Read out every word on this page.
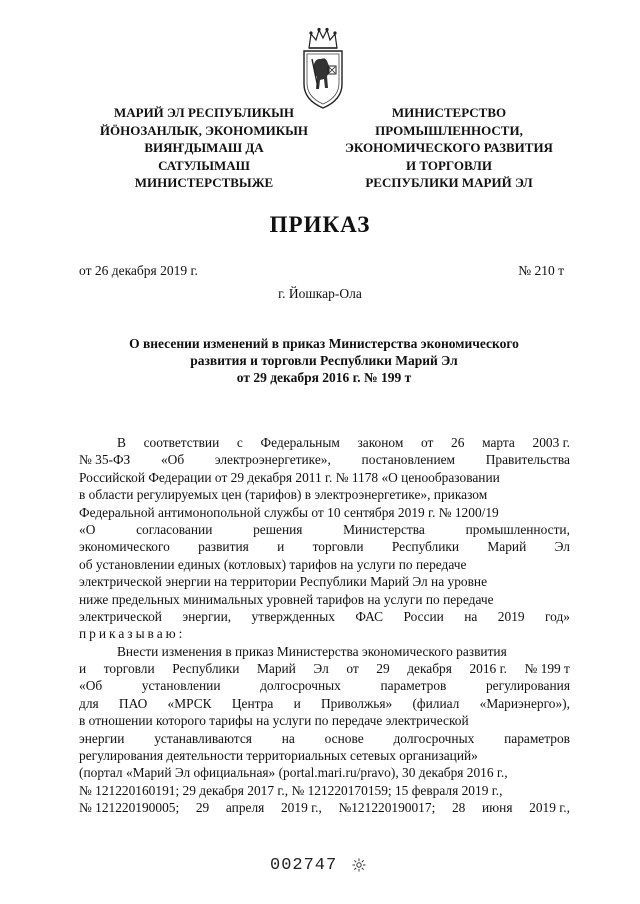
МАРИЙ ЭЛ РЕСПУБЛИКЫН
ЙӦНОЗАНЛЫК, ЭКОНОМИКЫН
ВИЯҤДЫМАШ ДА
САТУЛЫМАШ
МИНИСТЕРСТВЫЖЕ
МИНИСТЕРСТВО
ПРОМЫШЛЕННОСТИ,
ЭКОНОМИЧЕСКОГО РАЗВИТИЯ
И ТОРГОВЛИ
РЕСПУБЛИКИ МАРИЙ ЭЛ
ПРИКАЗ
от 26 декабря 2019 г.	№ 210 т
г. Йошкар-Ола
О внесении изменений в приказ Министерства экономического
развития и торговли Республики Марий Эл
от 29 декабря 2016 г. № 199 т
В соответствии с Федеральным законом от 26 марта 2003 г.
№ 35-ФЗ «Об электроэнергетике», постановлением Правительства
Российской Федерации от 29 декабря 2011 г. № 1178 «О ценообразовании
в области регулируемых цен (тарифов) в электроэнергетике», приказом
Федеральной антимонопольной службы от 10 сентября 2019 г. № 1200/19
«О	согласовании	решения	Министерства	промышленности,
экономического развития и торговли Республики Марий Эл
об установлении единых (котловых) тарифов на услуги по передаче
электрической энергии на территории Республики Марий Эл на уровне
ниже предельных минимальных уровней тарифов на услуги по передаче
электрической энергии, утвержденных ФАС России на 2019 год»
приказываю:
Внести изменения в приказ Министерства экономического развития
и торговли Республики Марий Эл от 29 декабря 2016 г. № 199 т
«Об	установлении	долгосрочных	параметров	регулирования
для ПАО «МРСК Центра и Приволжья» (филиал «Мариэнерго»),
в отношении которого тарифы на услуги по передаче электрической
энергии устанавливаются на основе долгосрочных параметров
регулирования деятельности территориальных сетевых организаций»
(портал «Марий Эл официальная» (portal.mari.ru/pravo), 30 декабря 2016 г.,
№ 121220160191; 29 декабря 2017 г., № 121220170159; 15 февраля 2019 г.,
№ 121220190005; 29 апреля 2019 г., №121220190017; 28 июня 2019 г.,
002747
